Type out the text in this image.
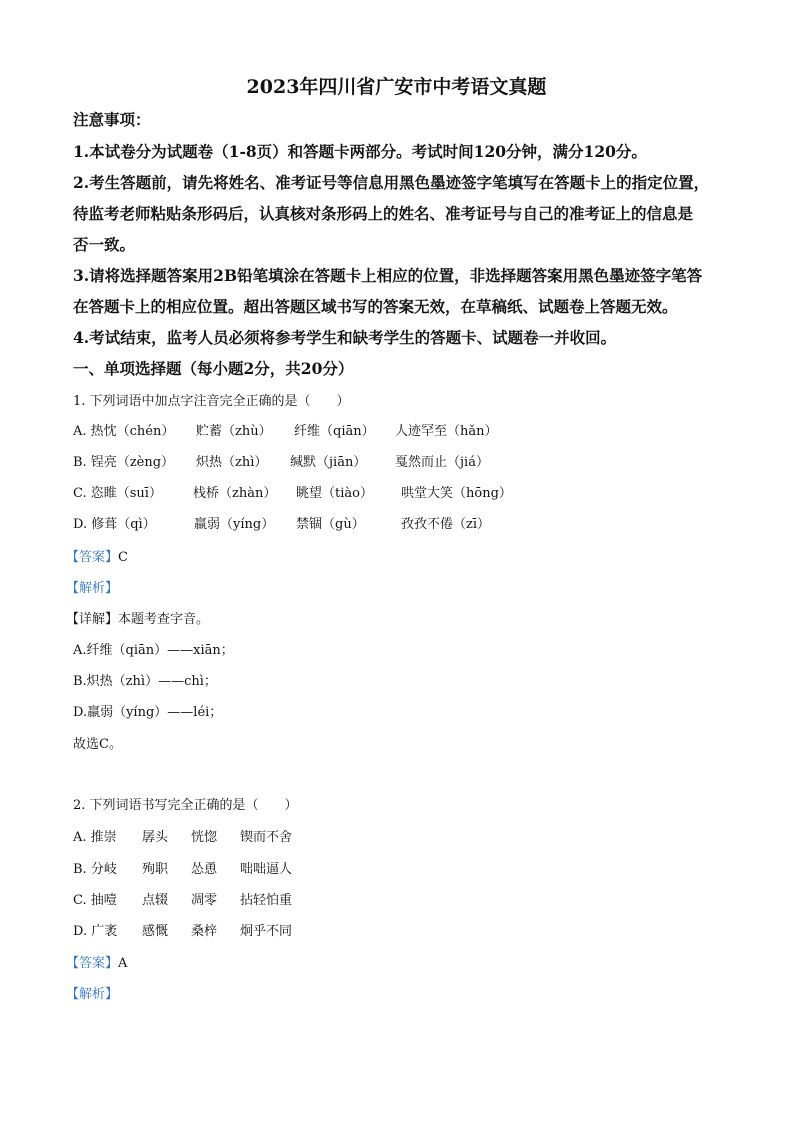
2023年四川省广安市中考语文真题
注意事项：
1.本试卷分为试题卷（1-8页）和答题卡两部分。考试时间120分钟，满分120分。
2.考生答题前，请先将姓名、准考证号等信息用黑色墨迹签字笔填写在答题卡上的指定位置，
待监考老师粘贴条形码后，认真核对条形码上的姓名、准考证号与自己的准考证上的信息是
否一致。
3.请将选择题答案用2B铅笔填涂在答题卡上相应的位置，非选择题答案用黑色墨迹签字笔答
在答题卡上的相应位置。超出答题区域书写的答案无效，在草稿纸、试题卷上答题无效。
4.考试结束，监考人员必须将参考学生和缺考学生的答题卡、试题卷一并收回。
一、单项选择题（每小题2分，共20分）
1. 下列词语中加点字注音完全正确的是（　　）
A. 热忱（chén） 贮蓄（zhù） 纤维（qiān） 人迹罕至（hǎn）
B. 锃亮（zèng） 炽热（zhì） 缄默（jiān） 戛然而止（jiá）
C. 恣睢（suī） 栈桥（zhàn） 眺望（tiào） 哄堂大笑（hōng）
D. 修葺（qì）	羸弱（yíng） 禁锢（gù）	孜孜不倦（zī）
【答案】C
【解析】
【详解】本题考查字音。
A.纤维（qiān）——xiān；
B.炽热（zhì）——chì；
D.羸弱（yíng）——léi；
故选C。
2. 下列词语书写完全正确的是（　　）
A. 推崇 孱头 恍惚 锲而不舍
B. 分岐 殉职 怂恿 咄咄逼人
C. 抽噎 点辍 凋零 拈轻怕重
D. 广袤 感慨 桑梓 炯乎不同
【答案】A
【解析】
